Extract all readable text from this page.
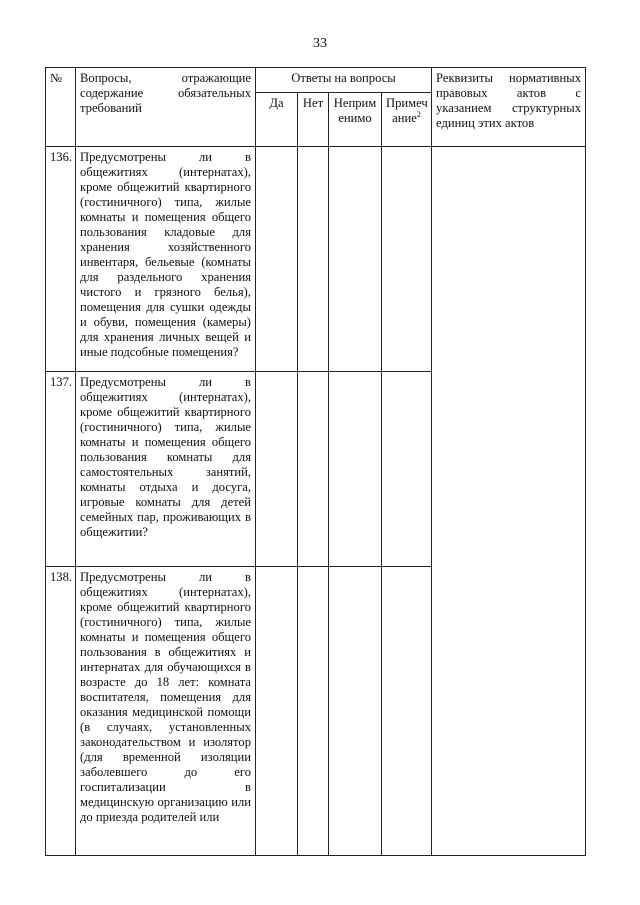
33
№	Вопросы, отражающие содержание обязательных требований	Ответы на вопросы				Реквизиты нормативных правовых актов с указанием структурных единиц этих актов
		Да	Нет	Неприм енимо	Примеч ание$^2$
136.	Предусмотрены ли в общежитиях (интернатах), кроме общежитий квартирного (гостиничного) типа, жилые комнаты и помещения общего пользования кладовые для хранения хозяйственного инвентаря, бельевые (комнаты для раздельного хранения чистого и грязного белья), помещения для сушки одежды и обуви, помещения (камеры) для хранения личных вещей и иные подсобные помещения?					
137.	Предусмотрены ли в общежитиях (интернатах), кроме общежитий квартирного (гостиничного) типа, жилые комнаты и помещения общего пользования комнаты для самостоятельных занятий, комнаты отдыха и досуга, игровые комнаты для детей семейных пар, проживающих в общежитии?					
138.	Предусмотрены ли в общежитиях (интернатах), кроме общежитий квартирного (гостиничного) типа, жилые комнаты и помещения общего пользования в общежитиях и интернатах для обучающихся в возрасте до 18 лет: комната воспитателя, помещения для оказания медицинской помощи (в случаях, установленных законодательством и изолятор (для временной изоляции заболевшего до его госпитализации в медицинскую организацию или до приезда родителей или					
